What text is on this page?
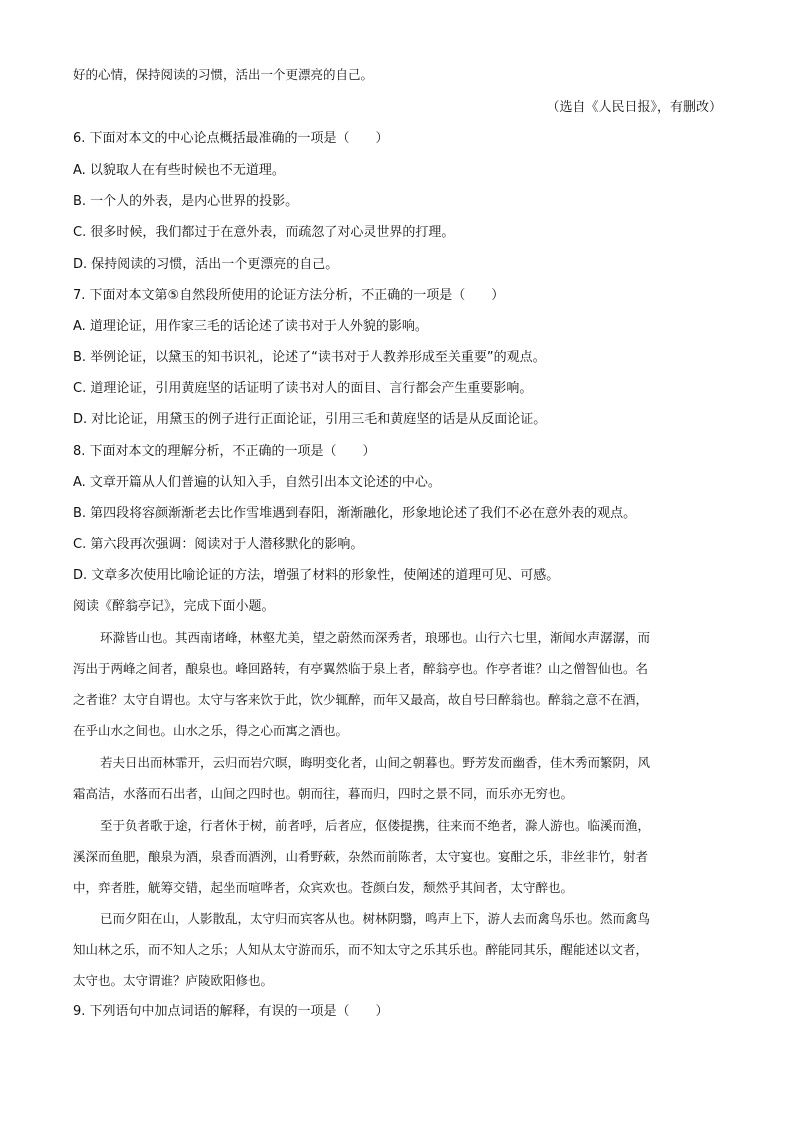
好的心情，保持阅读的习惯，活出一个更漂亮的自己。
（选自《人民日报》，有删改）
6. 下面对本文的中心论点概括最准确的一项是（　　）
A. 以貌取人在有些时候也不无道理。
B. 一个人的外表，是内心世界的投影。
C. 很多时候，我们都过于在意外表，而疏忽了对心灵世界的打理。
D. 保持阅读的习惯，活出一个更漂亮的自己。
7. 下面对本文第⑤自然段所使用的论证方法分析，不正确的一项是（　　）
A. 道理论证，用作家三毛的话论述了读书对于人外貌的影响。
B. 举例论证，以黛玉的知书识礼，论述了“读书对于人教养形成至关重要”的观点。
C. 道理论证，引用黄庭坚的话证明了读书对人的面目、言行都会产生重要影响。
D. 对比论证，用黛玉的例子进行正面论证，引用三毛和黄庭坚的话是从反面论证。
8. 下面对本文的理解分析，不正确的一项是（　　）
A. 文章开篇从人们普遍的认知入手，自然引出本文论述的中心。
B. 第四段将容颜渐渐老去比作雪堆遇到春阳，渐渐融化，形象地论述了我们不必在意外表的观点。
C. 第六段再次强调：阅读对于人潜移默化的影响。
D. 文章多次使用比喻论证的方法，增强了材料的形象性，使阐述的道理可见、可感。
阅读《醉翁亭记》，完成下面小题。
环滁皆山也。其西南诸峰，林壑尤美，望之蔚然而深秀者，琅琊也。山行六七里，渐闻水声潺潺，而
泻出于两峰之间者，酿泉也。峰回路转，有亭翼然临于泉上者，醉翁亭也。作亭者谁？山之僧智仙也。名
之者谁？太守自谓也。太守与客来饮于此，饮少辄醉，而年又最高，故自号曰醉翁也。醉翁之意不在酒，
在乎山水之间也。山水之乐，得之心而寓之酒也。
若夫日出而林霏开，云归而岩穴暝，晦明变化者，山间之朝暮也。野芳发而幽香，佳木秀而繁阴，风
霜高洁，水落而石出者，山间之四时也。朝而往，暮而归，四时之景不同，而乐亦无穷也。
至于负者歌于途，行者休于树，前者呼，后者应，伛偻提携，往来而不绝者，滁人游也。临溪而渔，
溪深而鱼肥，酿泉为酒，泉香而酒洌，山肴野蔌，杂然而前陈者，太守宴也。宴酣之乐，非丝非竹，射者
中，弈者胜，觥筹交错，起坐而喧哗者，众宾欢也。苍颜白发，颓然乎其间者，太守醉也。
已而夕阳在山，人影散乱，太守归而宾客从也。树林阴翳，鸣声上下，游人去而禽鸟乐也。然而禽鸟
知山林之乐，而不知人之乐；人知从太守游而乐，而不知太守之乐其乐也。醉能同其乐，醒能述以文者，
太守也。太守谓谁？庐陵欧阳修也。
9. 下列语句中加点词语的解释，有误的一项是（　　）
